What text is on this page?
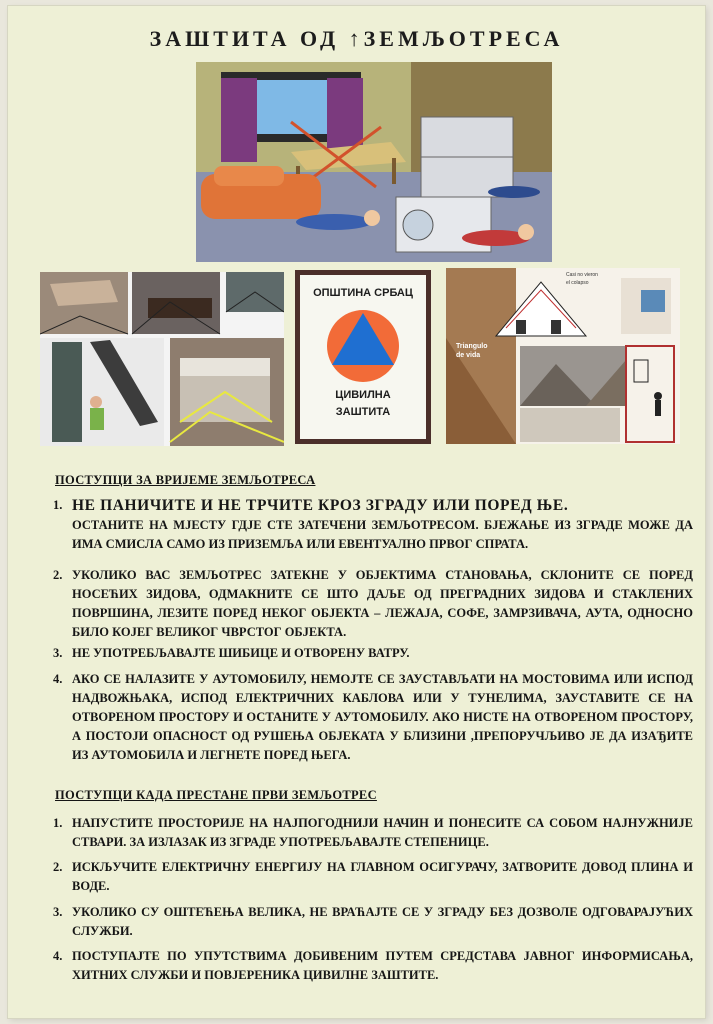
ЗАШТИТА ОД ↑ЗЕМЉОТРЕСА
ОПШТИНА СРБАЦ
ЦИВИЛНА
ЗАШТИТА
Triangulo
de vida
Casi no vieron
el colapso
ПОСТУПЦИ ЗА ВРИЈЕМЕ ЗЕМЉОТРЕСА
1. НЕ ПАНИЧИТЕ И НЕ ТРЧИТЕ КРОЗ ЗГРАДУ ИЛИ ПОРЕД ЊЕ.
ОСТАНИТЕ НА МЈЕСТУ ГДЈЕ СТЕ ЗАТЕЧЕНИ ЗЕМЉОТРЕСОМ. БЈЕЖАЊЕ ИЗ ЗГРАДЕ МОЖЕ ДА ИМА СМИСЛА САМО ИЗ ПРИЗЕМЉА ИЛИ ЕВЕНТУАЛНО ПРВОГ СПРАТА.
2. УКОЛИКО ВАС ЗЕМЉОТРЕС ЗАТЕКНЕ У ОБЈЕКТИМА СТАНОВАЊА, СКЛОНИТЕ СЕ ПОРЕД НОСЕЋИХ ЗИДОВА, ОДМАКНИТЕ СЕ ШТО ДАЉЕ ОД ПРЕГРАДНИХ ЗИДОВА И СТАКЛЕНИХ ПОВРШИНА, ЛЕЗИТЕ ПОРЕД НЕКОГ ОБЈЕКТА – ЛЕЖАЈА, СОФЕ, ЗАМРЗИВАЧА, АУТА, ОДНОСНО БИЛО КОЈЕГ ВЕЛИКОГ ЧВРСТОГ ОБЈЕКТА.
3. НЕ УПОТРЕБЉАВАЈТЕ ШИБИЦЕ И ОТВОРЕНУ ВАТРУ.
4. АКО СЕ НАЛАЗИТЕ У АУТОМОБИЛУ, НЕМОЈТЕ СЕ ЗАУСТАВЉАТИ НА МОСТОВИМА ИЛИ ИСПОД НАДВОЖЊАКА, ИСПОД ЕЛЕКТРИЧНИХ КАБЛОВА ИЛИ У ТУНЕЛИМА, ЗАУСТАВИТЕ СЕ НА ОТВОРЕНОМ ПРОСТОРУ И ОСТАНИТЕ У АУТОМОБИЛУ. АКО НИСТЕ НА ОТВОРЕНОМ ПРОСТОРУ, А ПОСТОЈИ ОПАСНОСТ ОД РУШЕЊА ОБЈЕКАТА У БЛИЗИНИ ,ПРЕПОРУЧЉИВО ЈЕ ДА ИЗАЂИТЕ ИЗ АУТОМОБИЛА И ЛЕГНЕТЕ ПОРЕД ЊЕГА.
ПОСТУПЦИ КАДА ПРЕСТАНЕ ПРВИ ЗЕМЉОТРЕС
1. НАПУСТИТЕ ПРОСТОРИЈЕ НА НАЈПОГОДНИЈИ НАЧИН И ПОНЕСИТЕ СА СОБОМ НАЈНУЖНИЈЕ СТВАРИ. ЗА ИЗЛАЗАК ИЗ ЗГРАДЕ УПОТРЕБЉАВАЈТЕ СТЕПЕНИЦЕ.
2. ИСКЉУЧИТЕ ЕЛЕКТРИЧНУ ЕНЕРГИЈУ НА ГЛАВНОМ ОСИГУРАЧУ, ЗАТВОРИТЕ ДОВОД ПЛИНА И ВОДЕ.
3. УКОЛИКО СУ ОШТЕЋЕЊА ВЕЛИКА, НЕ ВРАЋАЈТЕ СЕ У ЗГРАДУ БЕЗ ДОЗВОЛЕ ОДГОВАРАЈУЋИХ СЛУЖБИ.
4. ПОСТУПАЈТЕ ПО УПУТСТВИМА ДОБИВЕНИМ ПУТЕМ СРЕДСТАВА ЈАВНОГ ИНФОРМИСАЊА, ХИТНИХ СЛУЖБИ И ПОВЈЕРЕНИКА ЦИВИЛНЕ ЗАШТИТЕ.
